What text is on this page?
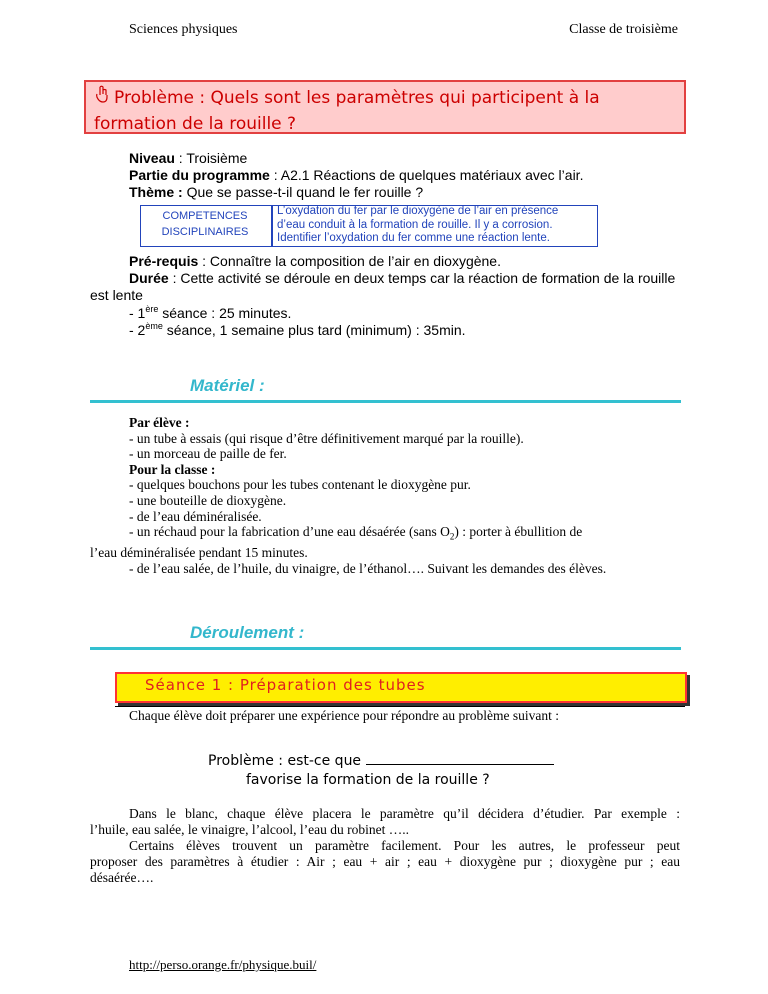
Sciences physiques	Classe de troisième
Problème : Quels sont les paramètres qui participent à la formation de la rouille ?
Niveau : Troisième
Partie du programme : A2.1 Réactions de quelques matériaux avec l’air.
Thème : Que se passe-t-il quand le fer rouille ?
COMPETENCES
DISCIPLINAIRES
L’oxydation du fer par le dioxygène de l’air en présence
d’eau conduit à la formation de rouille. Il y a corrosion.
Identifier l’oxydation du fer comme une réaction lente.
Pré-requis : Connaître la composition de l’air en dioxygène.
Durée : Cette activité se déroule en deux temps car la réaction de formation de la rouille est lente
- 1ère séance : 25 minutes.
- 2ème séance, 1 semaine plus tard (minimum) : 35min.
Matériel :
Par élève :
- un tube à essais (qui risque d’être définitivement marqué par la rouille).
- un morceau de paille de fer.
Pour la classe :
- quelques bouchons pour les tubes contenant le dioxygène pur.
- une bouteille de dioxygène.
- de l’eau déminéralisée.
- un réchaud pour la fabrication d’une eau désaérée (sans $O_2$) : porter à ébullition de
l’eau déminéralisée pendant 15 minutes.
- de l’eau salée, de l’huile, du vinaigre, de l’éthanol…. Suivant les demandes des élèves.
Déroulement :
Séance 1 : Préparation des tubes
Chaque élève doit préparer une expérience pour répondre au problème suivant :
Problème : est-ce que
favorise la formation de la rouille ?
Dans le blanc, chaque élève placera le paramètre qu’il décidera d’étudier. Par exemple :
l’huile, eau salée, le vinaigre, l’alcool, l’eau du robinet …..
Certains élèves trouvent un paramètre facilement. Pour les autres, le professeur peut
proposer des paramètres à étudier : Air ; eau + air ; eau + dioxygène pur ; dioxygène pur ; eau
désaérée….
http://perso.orange.fr/physique.buil/
